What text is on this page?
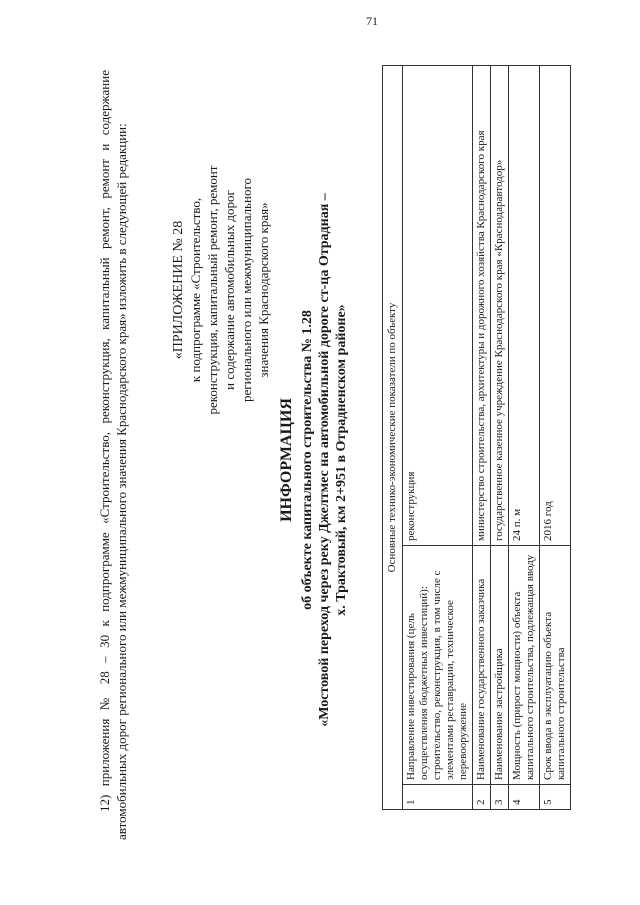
71

12) приложения № 28 – 30 к подпрограмме «Строительство, реконструкция, капитальный ремонт, ремонт и содержание автомобильных дорог регионального или межмуниципального значения Краснодарского края» изложить в следующей редакции:	«ПРИЛОЖЕНИЕ № 28 к подпрограмме «Строительство, реконструкция, капитальный ремонт, ремонт и содержание автомобильных дорог регионального или межмуниципального значения Краснодарского края»
ИНФОРМАЦИЯ об объекте капитального строительства № 1.28 «Мостовой переход через реку Джелтмес на автомобильной дороге ст-ца Отрадная – х. Трактовый, км 2+951 в Отрадненском районе»	Основные технико-экономические показатели по объекту		
1	Направление инвестирования (цель осуществления бюджетных инвестиций): строительство, реконструкция, в том числе с элементами реставрации, техническое перевооружение	реконструкция
2	Наименование государственного заказчика	министерство строительства, архитектуры и дорожного хозяйства Краснодарского края
3	Наименование застройщика	государственное казенное учреждение Краснодарского края «Краснодаравтодор»
4	Мощность (прирост мощности) объекта капитального строительства, подлежащая вводу	24 п. м
5	Срок ввода в эксплуатацию объекта капитального строительства	2016 год
